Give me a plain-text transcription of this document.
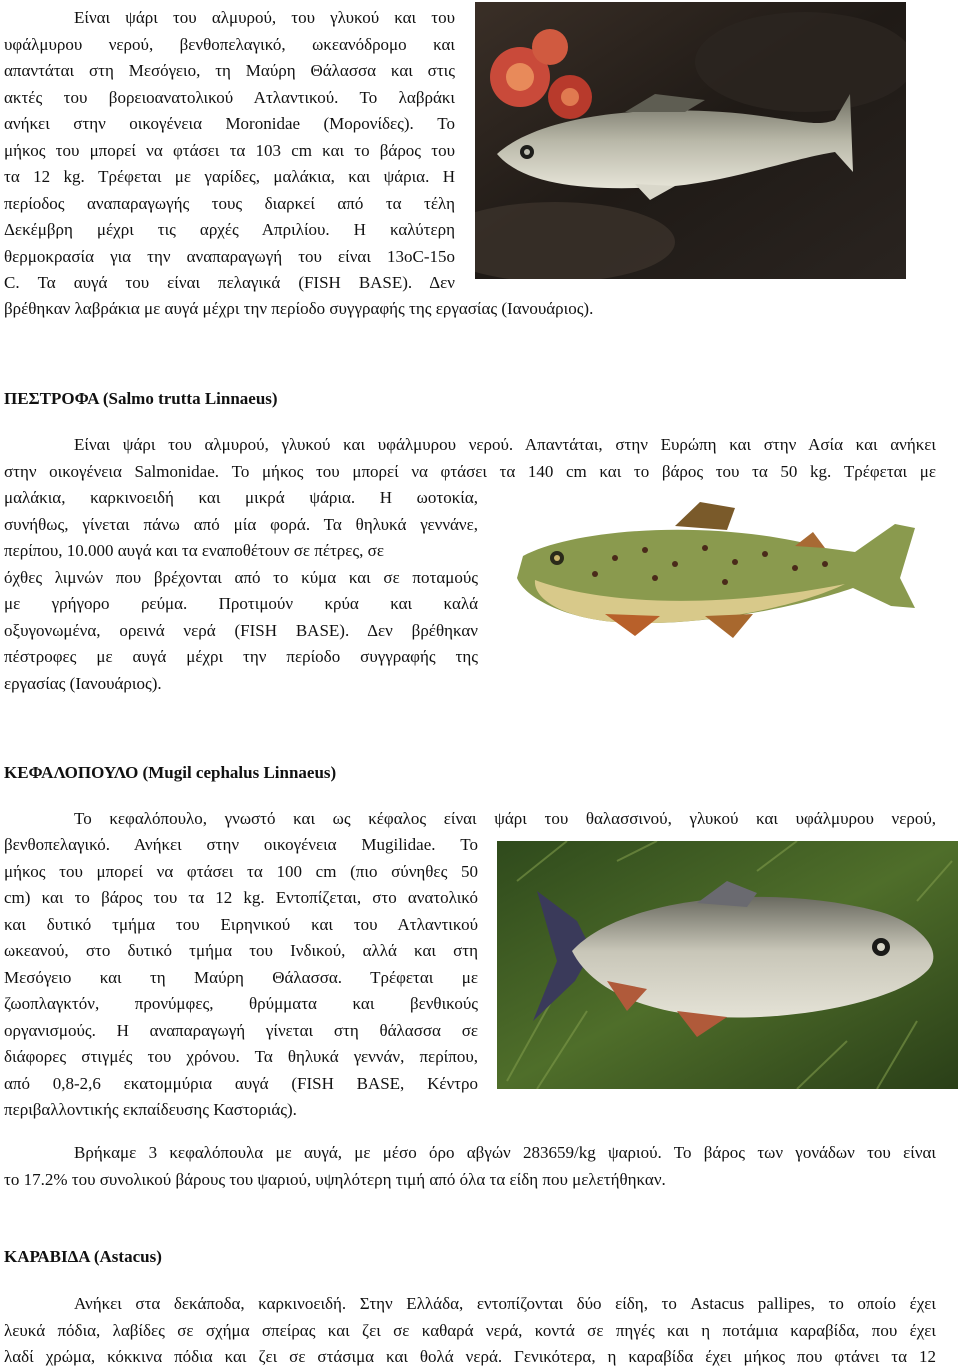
Είναι ψάρι του αλμυρού, του γλυκού και του
υφάλμυρου νερού, βενθοπελαγικό, ωκεανόδρομο και
απαντάται στη Μεσόγειο, τη Μαύρη Θάλασσα και στις
ακτές του βορειοανατολικού Ατλαντικού. Το λαβράκι
ανήκει στην οικογένεια Moronidae (Μορονίδες). Το
μήκος του μπορεί να φτάσει τα 103 cm και το βάρος του
τα 12 kg. Τρέφεται με γαρίδες, μαλάκια, και ψάρια. Η
περίοδος αναπαραγωγής τους διαρκεί από τα τέλη
Δεκέμβρη μέχρι τις αρχές Απριλίου. Η καλύτερη
θερμοκρασία για την αναπαραγωγή του είναι 13oC-15o
C. Τα αυγά του είναι πελαγικά (FISH BASE). Δεν
βρέθηκαν λαβράκια με αυγά μέχρι την περίοδο συγγραφής της εργασίας (Ιανουάριος).
ΠΕΣΤΡΟΦΑ (Salmo trutta Linnaeus)
Είναι ψάρι του αλμυρού, γλυκού και υφάλμυρου νερού. Απαντάται, στην Ευρώπη και στην Ασία και ανήκει
στην οικογένεια Salmonidae. Το μήκος του μπορεί να φτάσει τα 140 cm και το βάρος του τα 50 kg. Τρέφεται με
μαλάκια, καρκινοειδή και μικρά ψάρια. Η ωοτοκία,
συνήθως, γίνεται πάνω από μία φορά. Τα θηλυκά γεννάνε,
περίπου, 10.000 αυγά και τα εναποθέτουν σε πέτρες, σε
όχθες λιμνών που βρέχονται από το κύμα και σε ποταμούς
με γρήγορο ρεύμα. Προτιμούν κρύα και καλά
οξυγονωμένα, ορεινά νερά (FISH BASE). Δεν βρέθηκαν
πέστροφες με αυγά μέχρι την περίοδο συγγραφής της
εργασίας (Ιανουάριος).
ΚΕΦΑΛΟΠΟΥΛΟ (Mugil cephalus Linnaeus)
Το κεφαλόπουλο, γνωστό και ως κέφαλος είναι ψάρι του θαλασσινού, γλυκού και υφάλμυρου νερού,
βενθοπελαγικό. Ανήκει στην οικογένεια Mugilidae. Το
μήκος του μπορεί να φτάσει τα 100 cm (πιο σύνηθες 50
cm) και το βάρος του τα 12 kg. Εντοπίζεται, στο ανατολικό
και δυτικό τμήμα του Ειρηνικού και του Ατλαντικού
ωκεανού, στο δυτικό τμήμα του Ινδικού, αλλά και στη
Μεσόγειο και τη Μαύρη Θάλασσα. Τρέφεται με
ζωοπλαγκτόν, προνύμφες, θρύμματα και βενθικούς
οργανισμούς. Η αναπαραγωγή γίνεται στη θάλασσα σε
διάφορες στιγμές του χρόνου. Τα θηλυκά γεννάν, περίπου,
από 0,8-2,6 εκατομμύρια αυγά (FISH BASE, Κέντρο
περιβαλλοντικής εκπαίδευσης Καστοριάς).
Βρήκαμε 3 κεφαλόπουλα με αυγά, με μέσο όρο αβγών 283659/kg ψαριού. Το βάρος των γονάδων του είναι
το 17.2% του συνολικού βάρους του ψαριού, υψηλότερη τιμή από όλα τα είδη που μελετήθηκαν.
ΚΑΡΑΒΙΔΑ (Astacus)
Ανήκει στα δεκάποδα, καρκινοειδή. Στην Ελλάδα, εντοπίζονται δύο είδη, το Astacus pallipes, το οποίο έχει
λευκά πόδια, λαβίδες σε σχήμα σπείρας και ζει σε καθαρά νερά, κοντά σε πηγές και η ποτάμια καραβίδα, που έχει
λαδί χρώμα, κόκκινα πόδια και ζει σε στάσιμα και θολά νερά. Γενικότερα, η καραβίδα έχει μήκος που φτάνει τα 12
